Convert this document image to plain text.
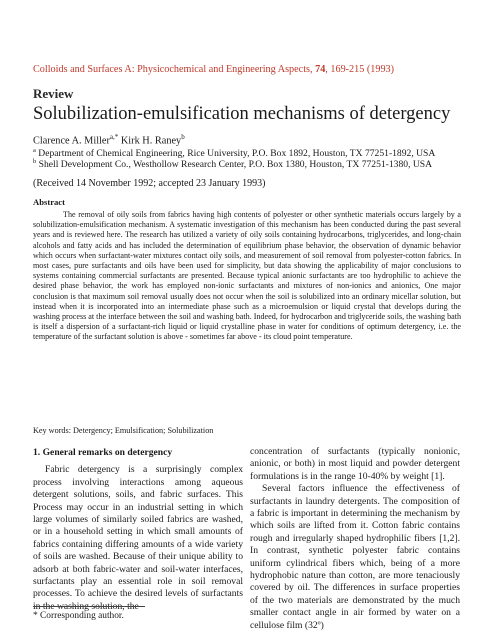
Colloids and Surfaces A: Physicochemical and Engineering Aspects, 74, 169-215 (1993)
Review
Solubilization-emulsification mechanisms of detergency
Clarence A. Miller$^{a,*}$ Kirk H. Raney$^b$
$^a$ Department of Chemical Engineering, Rice University, P.O. Box 1892, Houston, TX 77251-1892, USA
$^b$ Shell Development Co., Westhollow Research Center, P.O. Box 1380, Houston, TX 77251-1380, USA
(Received 14 November 1992; accepted 23 January 1993)
Abstract

The removal of oily soils from fabrics having high contents of polyester or other synthetic materials occurs largely by a solubilization-emulsification mechanism. A systematic investigation of this mechanism has been conducted during the past several years and is reviewed here. The research has utilized a variety of oily soils containing hydrocarbons, triglycerides, and long-chain alcohols and fatty acids and has included the determination of equilibrium phase behavior, the observation of dynamic behavior which occurs when surfactant-water mixtures contact oily soils, and measurement of soil removal from polyester-cotton fabrics. In most cases, pure surfactants and oils have been used for simplicity, but data showing the applicability of major conclusions to systems containing commercial surfactants are presented. Because typical anionic surfactants are too hydrophilic to achieve the desired phase behavior, the work has employed non-ionic surfactants and mixtures of non-ionics and anionics, One major conclusion is that maximum soil removal usually does not occur when the soil is solubilized into an ordinary micellar solution, but instead when it is incorporated into an intermediate phase such as a microemulsion or liquid crystal that develops during the washing process at the interface between the soil and washing bath. Indeed, for hydrocarbon and triglyceride soils, the washing bath is itself a dispersion of a surfactant-rich liquid or liquid crystalline phase in water for conditions of optimum detergency, i.e. the temperature of the surfactant solution is above - sometimes far above - its cloud point temperature.

Key words: Detergency; Emulsification; Solubilization
1. General remarks on detergency

Fabric detergency is a surprisingly complex process involving interactions among aqueous detergent solutions, soils, and fabric surfaces. This Process may occur in an industrial setting in which large volumes of similarly soiled fabrics are washed, or in a household setting in which small amounts of fabrics containing differing amounts of a wide variety of soils are washed. Because of their unique ability to adsorb at both fabric-water and soil-water interfaces, surfactants play an essential role in soil removal processes. To achieve the desired levels of surfactants in the washing solution, the

concentration of surfactants (typically nonionic, anionic, or both) in most liquid and powder detergent formulations is in the range 10-40% by weight [1].

Several factors influence the effectiveness of surfactants in laundry detergents. The composition of a fabric is important in determining the mechanism by which soils are lifted from it. Cotton fabric contains rough and irregularly shaped hydrophilic fibers [1,2]. In contrast, synthetic polyester fabric contains uniform cylindrical fibers which, being of a more hydrophobic nature than cotton, are more tenaciously covered by oil. The differences in surface properties of the two materials are demonstrated by the much smaller contact angle in air formed by water on a cellulose film (32º)

* Corresponding author.
